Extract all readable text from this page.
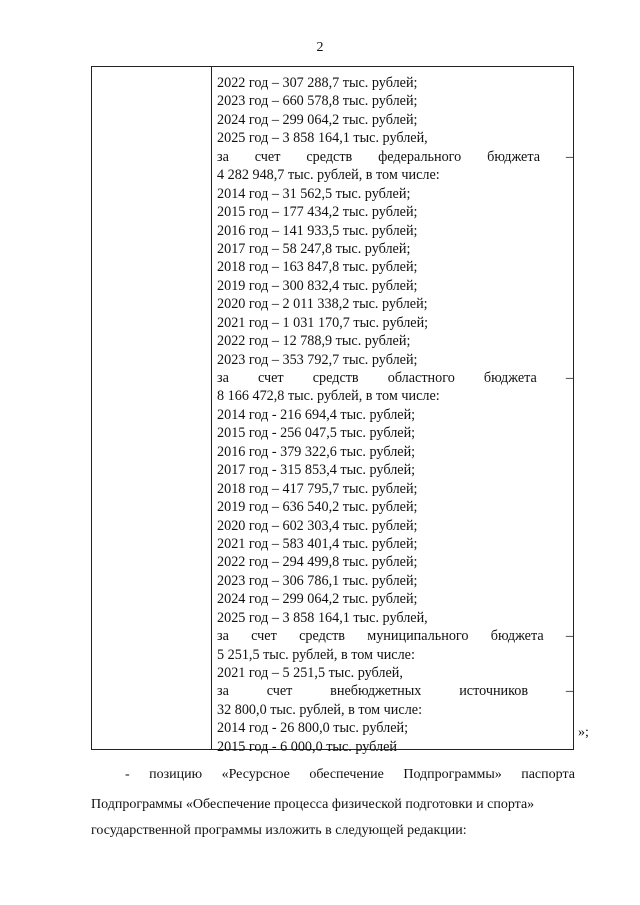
2
2022 год – 307 288,7 тыс. рублей;
2023 год – 660 578,8 тыс. рублей;
2024 год – 299 064,2 тыс. рублей;
2025 год – 3 858 164,1 тыс. рублей,
за счет средств федерального бюджета –
4 282 948,7 тыс. рублей, в том числе:
2014 год – 31 562,5 тыс. рублей;
2015 год – 177 434,2 тыс. рублей;
2016 год – 141 933,5 тыс. рублей;
2017 год – 58 247,8 тыс. рублей;
2018 год – 163 847,8 тыс. рублей;
2019 год – 300 832,4 тыс. рублей;
2020 год – 2 011 338,2 тыс. рублей;
2021 год – 1 031 170,7 тыс. рублей;
2022 год – 12 788,9 тыс. рублей;
2023 год – 353 792,7 тыс. рублей;
за счет средств областного бюджета –
8 166 472,8 тыс. рублей, в том числе:
2014 год - 216 694,4 тыс. рублей;
2015 год - 256 047,5 тыс. рублей;
2016 год - 379 322,6 тыс. рублей;
2017 год - 315 853,4 тыс. рублей;
2018 год – 417 795,7 тыс. рублей;
2019 год – 636 540,2 тыс. рублей;
2020 год – 602 303,4 тыс. рублей;
2021 год – 583 401,4 тыс. рублей;
2022 год – 294 499,8 тыс. рублей;
2023 год – 306 786,1 тыс. рублей;
2024 год – 299 064,2 тыс. рублей;
2025 год – 3 858 164,1 тыс. рублей,
за счет средств муниципального бюджета –
5 251,5 тыс. рублей, в том числе:
2021 год – 5 251,5 тыс. рублей,
за	счет	внебюджетных	источников	–
32 800,0 тыс. рублей, в том числе:
2014 год - 26 800,0 тыс. рублей;
2015 год - 6 000,0 тыс. рублей
»;
- позицию «Ресурсное обеспечение Подпрограммы» паспорта
Подпрограммы «Обеспечение процесса физической подготовки и спорта»
государственной программы изложить в следующей редакции:
